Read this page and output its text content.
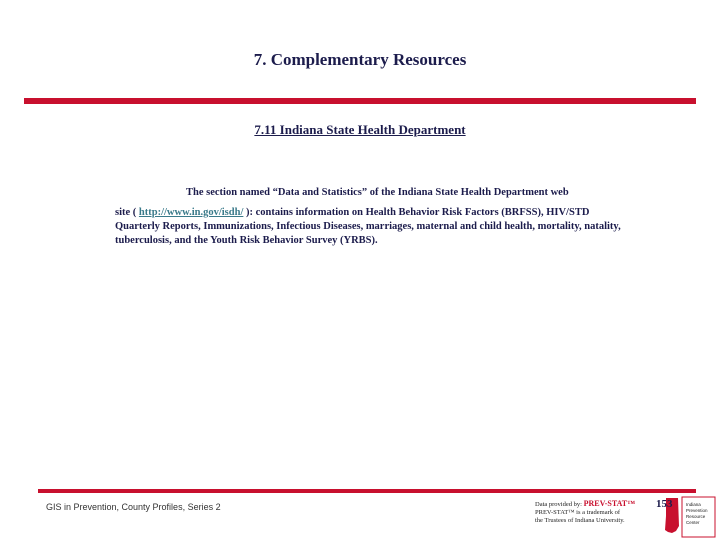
7. Complementary Resources
7.11 Indiana State Health Department
The section named “Data and Statistics” of the Indiana State Health Department web
site ( http://www.in.gov/isdh/ ): contains information on Health Behavior Risk Factors (BRFSS), HIV/STD Quarterly Reports, Immunizations, Infectious Diseases, marriages, maternal and child health, mortality, natality, tuberculosis, and the Youth Risk Behavior Survey (YRBS).
GIS in Prevention, County Profiles, Series 2	Data provided by: PREV-STAT™
PREV-STAT™ is a trademark of
the Trustees of Indiana University.
153	Indiana Prevention Resource Center
